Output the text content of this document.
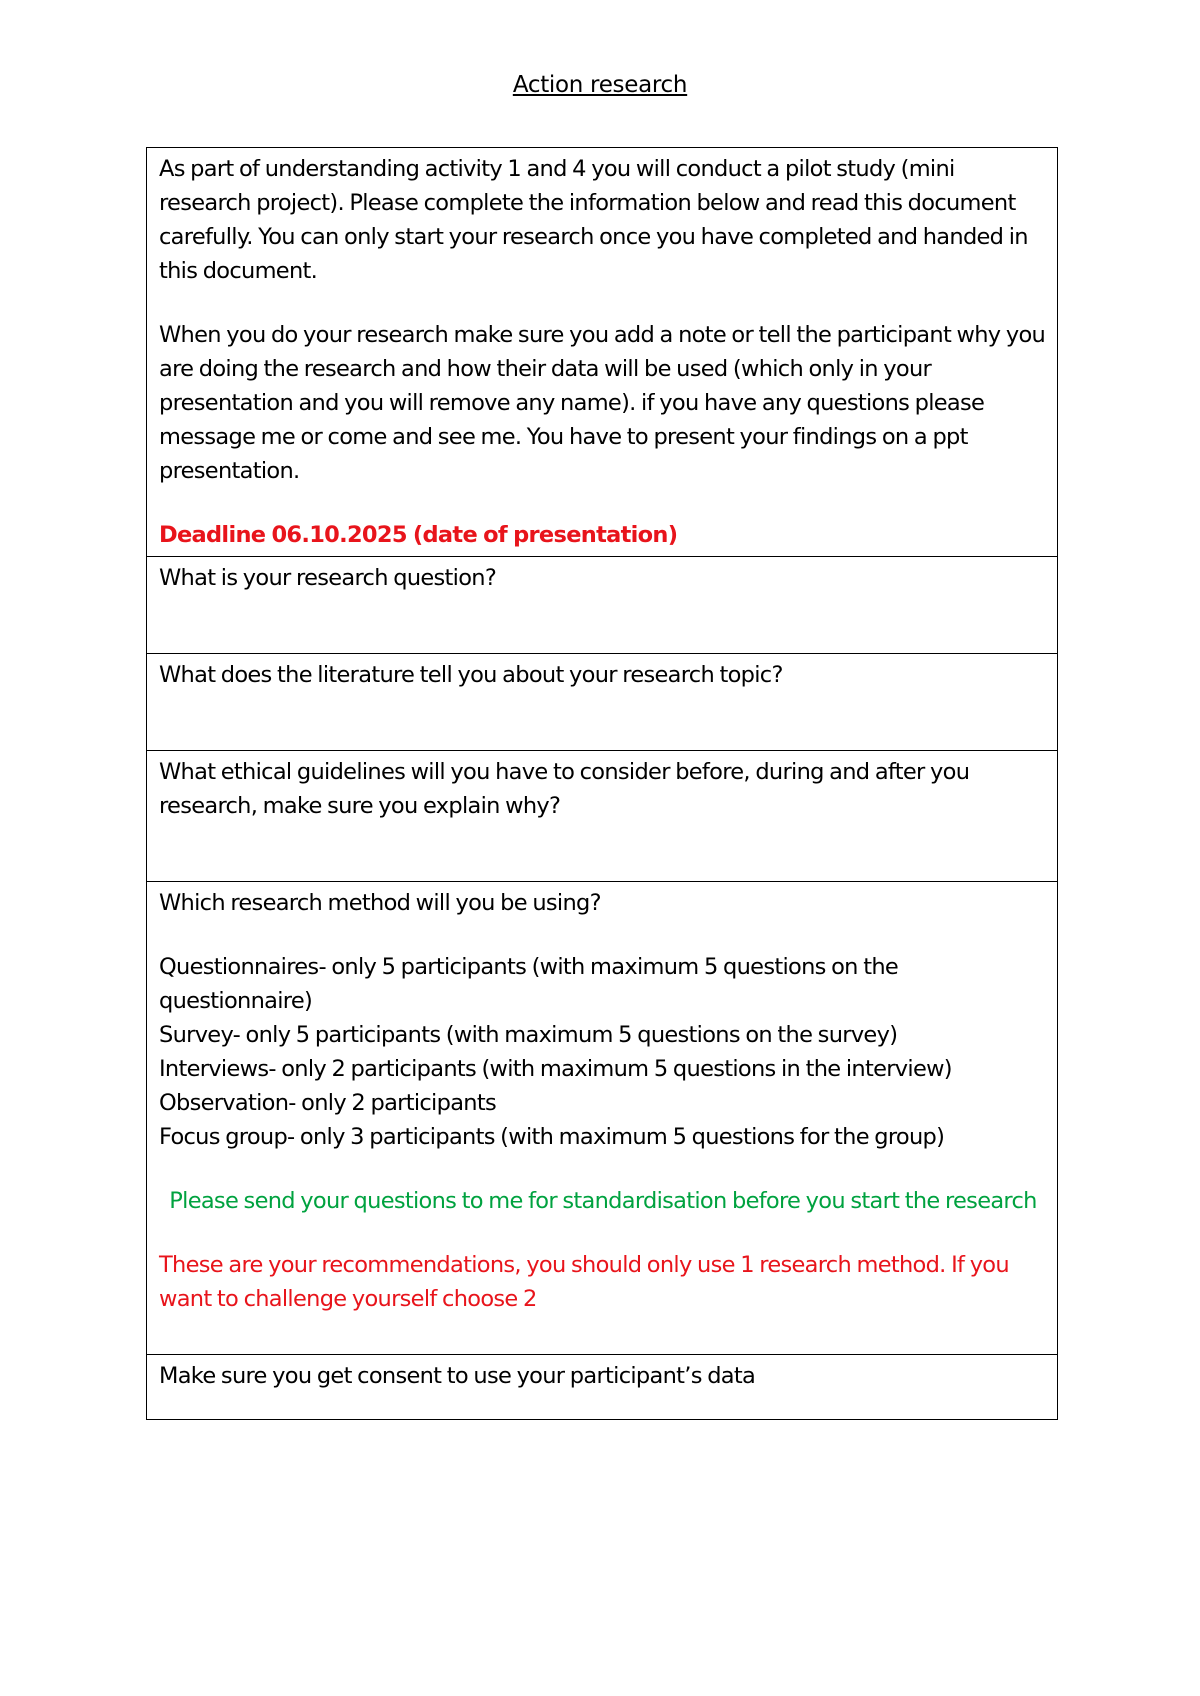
Action research

As part of understanding activity 1 and 4 you will conduct a pilot study (mini research project). Please complete the information below and read this document carefully. You can only start your research once you have completed and handed in this document.

When you do your research make sure you add a note or tell the participant why you are doing the research and how their data will be used (which only in your presentation and you will remove any name). if you have any questions please message me or come and see me. You have to present your findings on a ppt presentation.

Deadline 06.10.2025 (date of presentation)

What is your research question?

What does the literature tell you about your research topic?

What ethical guidelines will you have to consider before, during and after you research, make sure you explain why?

Which research method will you be using?

Questionnaires- only 5 participants (with maximum 5 questions on the questionnaire)
Survey- only 5 participants (with maximum 5 questions on the survey)
Interviews- only 2 participants (with maximum 5 questions in the interview)
Observation- only 2 participants
Focus group- only 3 participants (with maximum 5 questions for the group)

Please send your questions to me for standardisation before you start the research

These are your recommendations, you should only use 1 research method. If you want to challenge yourself choose 2

Make sure you get consent to use your participant’s data
